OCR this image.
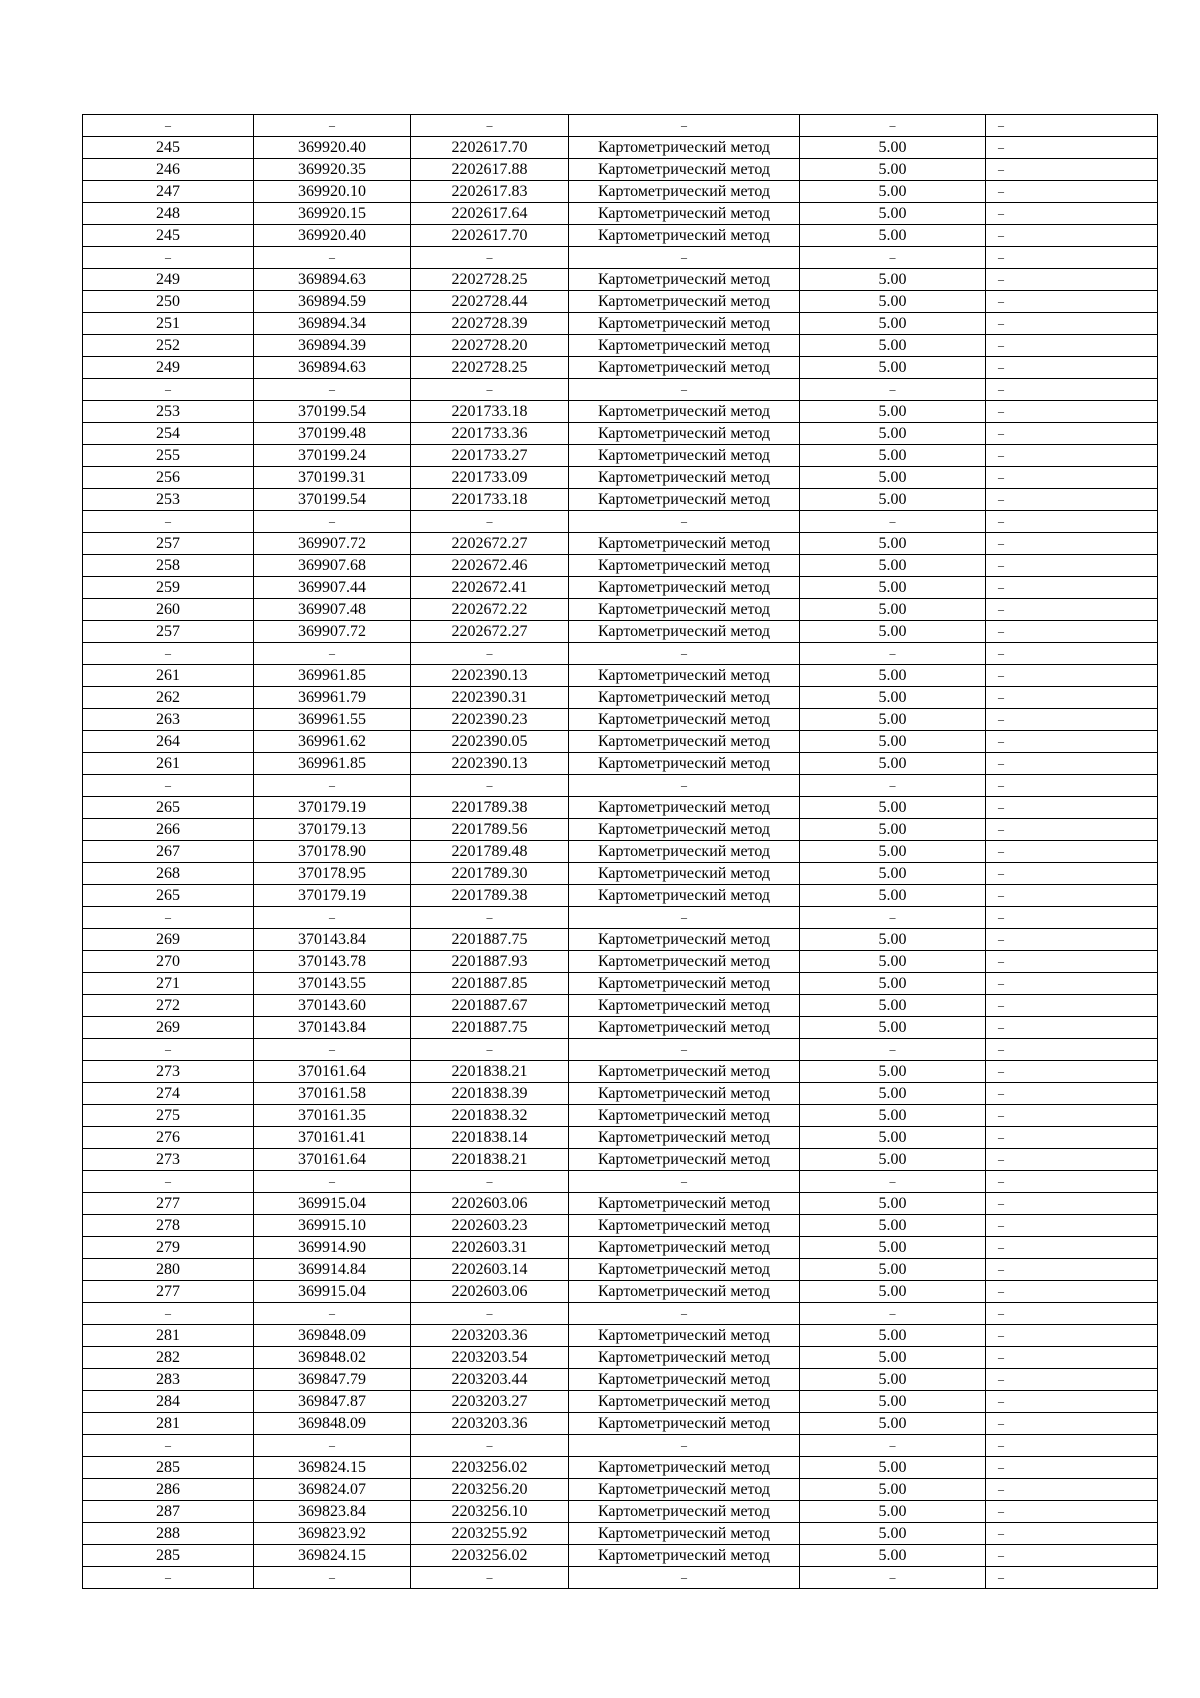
–	–	–	–	–	–
245	369920.40	2202617.70	Картометрический метод	5.00	–
246	369920.35	2202617.88	Картометрический метод	5.00	–
247	369920.10	2202617.83	Картометрический метод	5.00	–
248	369920.15	2202617.64	Картометрический метод	5.00	–
245	369920.40	2202617.70	Картометрический метод	5.00	–
–	–	–	–	–	–
249	369894.63	2202728.25	Картометрический метод	5.00	–
250	369894.59	2202728.44	Картометрический метод	5.00	–
251	369894.34	2202728.39	Картометрический метод	5.00	–
252	369894.39	2202728.20	Картометрический метод	5.00	–
249	369894.63	2202728.25	Картометрический метод	5.00	–
–	–	–	–	–	–
253	370199.54	2201733.18	Картометрический метод	5.00	–
254	370199.48	2201733.36	Картометрический метод	5.00	–
255	370199.24	2201733.27	Картометрический метод	5.00	–
256	370199.31	2201733.09	Картометрический метод	5.00	–
253	370199.54	2201733.18	Картометрический метод	5.00	–
–	–	–	–	–	–
257	369907.72	2202672.27	Картометрический метод	5.00	–
258	369907.68	2202672.46	Картометрический метод	5.00	–
259	369907.44	2202672.41	Картометрический метод	5.00	–
260	369907.48	2202672.22	Картометрический метод	5.00	–
257	369907.72	2202672.27	Картометрический метод	5.00	–
–	–	–	–	–	–
261	369961.85	2202390.13	Картометрический метод	5.00	–
262	369961.79	2202390.31	Картометрический метод	5.00	–
263	369961.55	2202390.23	Картометрический метод	5.00	–
264	369961.62	2202390.05	Картометрический метод	5.00	–
261	369961.85	2202390.13	Картометрический метод	5.00	–
–	–	–	–	–	–
265	370179.19	2201789.38	Картометрический метод	5.00	–
266	370179.13	2201789.56	Картометрический метод	5.00	–
267	370178.90	2201789.48	Картометрический метод	5.00	–
268	370178.95	2201789.30	Картометрический метод	5.00	–
265	370179.19	2201789.38	Картометрический метод	5.00	–
–	–	–	–	–	–
269	370143.84	2201887.75	Картометрический метод	5.00	–
270	370143.78	2201887.93	Картометрический метод	5.00	–
271	370143.55	2201887.85	Картометрический метод	5.00	–
272	370143.60	2201887.67	Картометрический метод	5.00	–
269	370143.84	2201887.75	Картометрический метод	5.00	–
–	–	–	–	–	–
273	370161.64	2201838.21	Картометрический метод	5.00	–
274	370161.58	2201838.39	Картометрический метод	5.00	–
275	370161.35	2201838.32	Картометрический метод	5.00	–
276	370161.41	2201838.14	Картометрический метод	5.00	–
273	370161.64	2201838.21	Картометрический метод	5.00	–
–	–	–	–	–	–
277	369915.04	2202603.06	Картометрический метод	5.00	–
278	369915.10	2202603.23	Картометрический метод	5.00	–
279	369914.90	2202603.31	Картометрический метод	5.00	–
280	369914.84	2202603.14	Картометрический метод	5.00	–
277	369915.04	2202603.06	Картометрический метод	5.00	–
–	–	–	–	–	–
281	369848.09	2203203.36	Картометрический метод	5.00	–
282	369848.02	2203203.54	Картометрический метод	5.00	–
283	369847.79	2203203.44	Картометрический метод	5.00	–
284	369847.87	2203203.27	Картометрический метод	5.00	–
281	369848.09	2203203.36	Картометрический метод	5.00	–
–	–	–	–	–	–
285	369824.15	2203256.02	Картометрический метод	5.00	–
286	369824.07	2203256.20	Картометрический метод	5.00	–
287	369823.84	2203256.10	Картометрический метод	5.00	–
288	369823.92	2203255.92	Картометрический метод	5.00	–
285	369824.15	2203256.02	Картометрический метод	5.00	–
–	–	–	–	–	–
